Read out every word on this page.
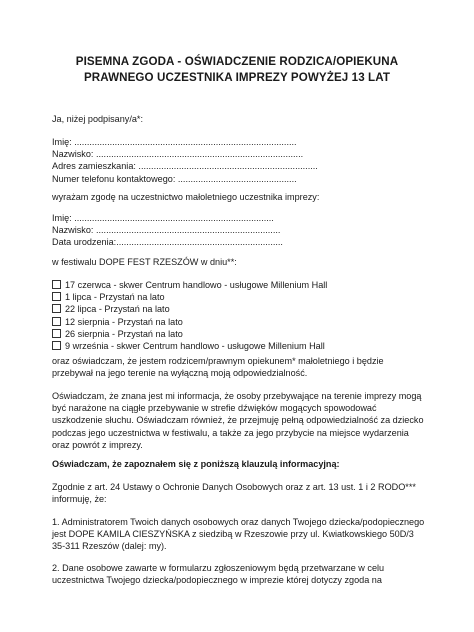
PISEMNA ZGODA - OŚWIADCZENIE RODZICA/OPIEKUNA
PRAWNEGO UCZESTNIKA IMPREZY POWYŻEJ 13 LAT
Ja, niżej podpisany/a*:
Imię: ........................................................................................
Nazwisko: ..................................................................................
Adres zamieszkania: .......................................................................
Numer telefonu kontaktowego: ...............................................
wyrażam zgodę na uczestnictwo małoletniego uczestnika imprezy:
Imię: ...............................................................................
Nazwisko: .........................................................................
Data urodzenia:..................................................................
w festiwalu DOPE FEST RZESZÓW w dniu**:
17 czerwca - skwer Centrum handlowo - usługowe Millenium Hall
1 lipca - Przystań na lato
22 lipca - Przystań na lato
12 sierpnia - Przystań na lato
26 sierpnia - Przystań na lato
9 września - skwer Centrum handlowo - usługowe Millenium Hall
oraz oświadczam, że jestem rodzicem/prawnym opiekunem* małoletniego i będzie
przebywał na jego terenie na wyłączną moją odpowiedzialność.
Oświadczam, że znana jest mi informacja, że osoby przebywające na terenie imprezy mogą
być narażone na ciągłe przebywanie w strefie dźwięków mogących spowodować
uszkodzenie słuchu. Oświadczam również, że przejmuję pełną odpowiedzialność za dziecko
podczas jego uczestnictwa w festiwalu, a także za jego przybycie na miejsce wydarzenia
oraz powrót z imprezy.
Oświadczam, że zapoznałem się z poniższą klauzulą informacyjną:
Zgodnie z art. 24 Ustawy o Ochronie Danych Osobowych oraz z art. 13 ust. 1 i 2 RODO***
informuję, że:
1. Administratorem Twoich danych osobowych oraz danych Twojego dziecka/podopiecznego
jest DOPE KAMILA CIESZYŃSKA z siedzibą w Rzeszowie przy ul. Kwiatkowskiego 50D/3
35-311 Rzeszów (dalej: my).
2. Dane osobowe zawarte w formularzu zgłoszeniowym będą przetwarzane w celu
uczestnictwa Twojego dziecka/podopiecznego w imprezie której dotyczy zgoda na
